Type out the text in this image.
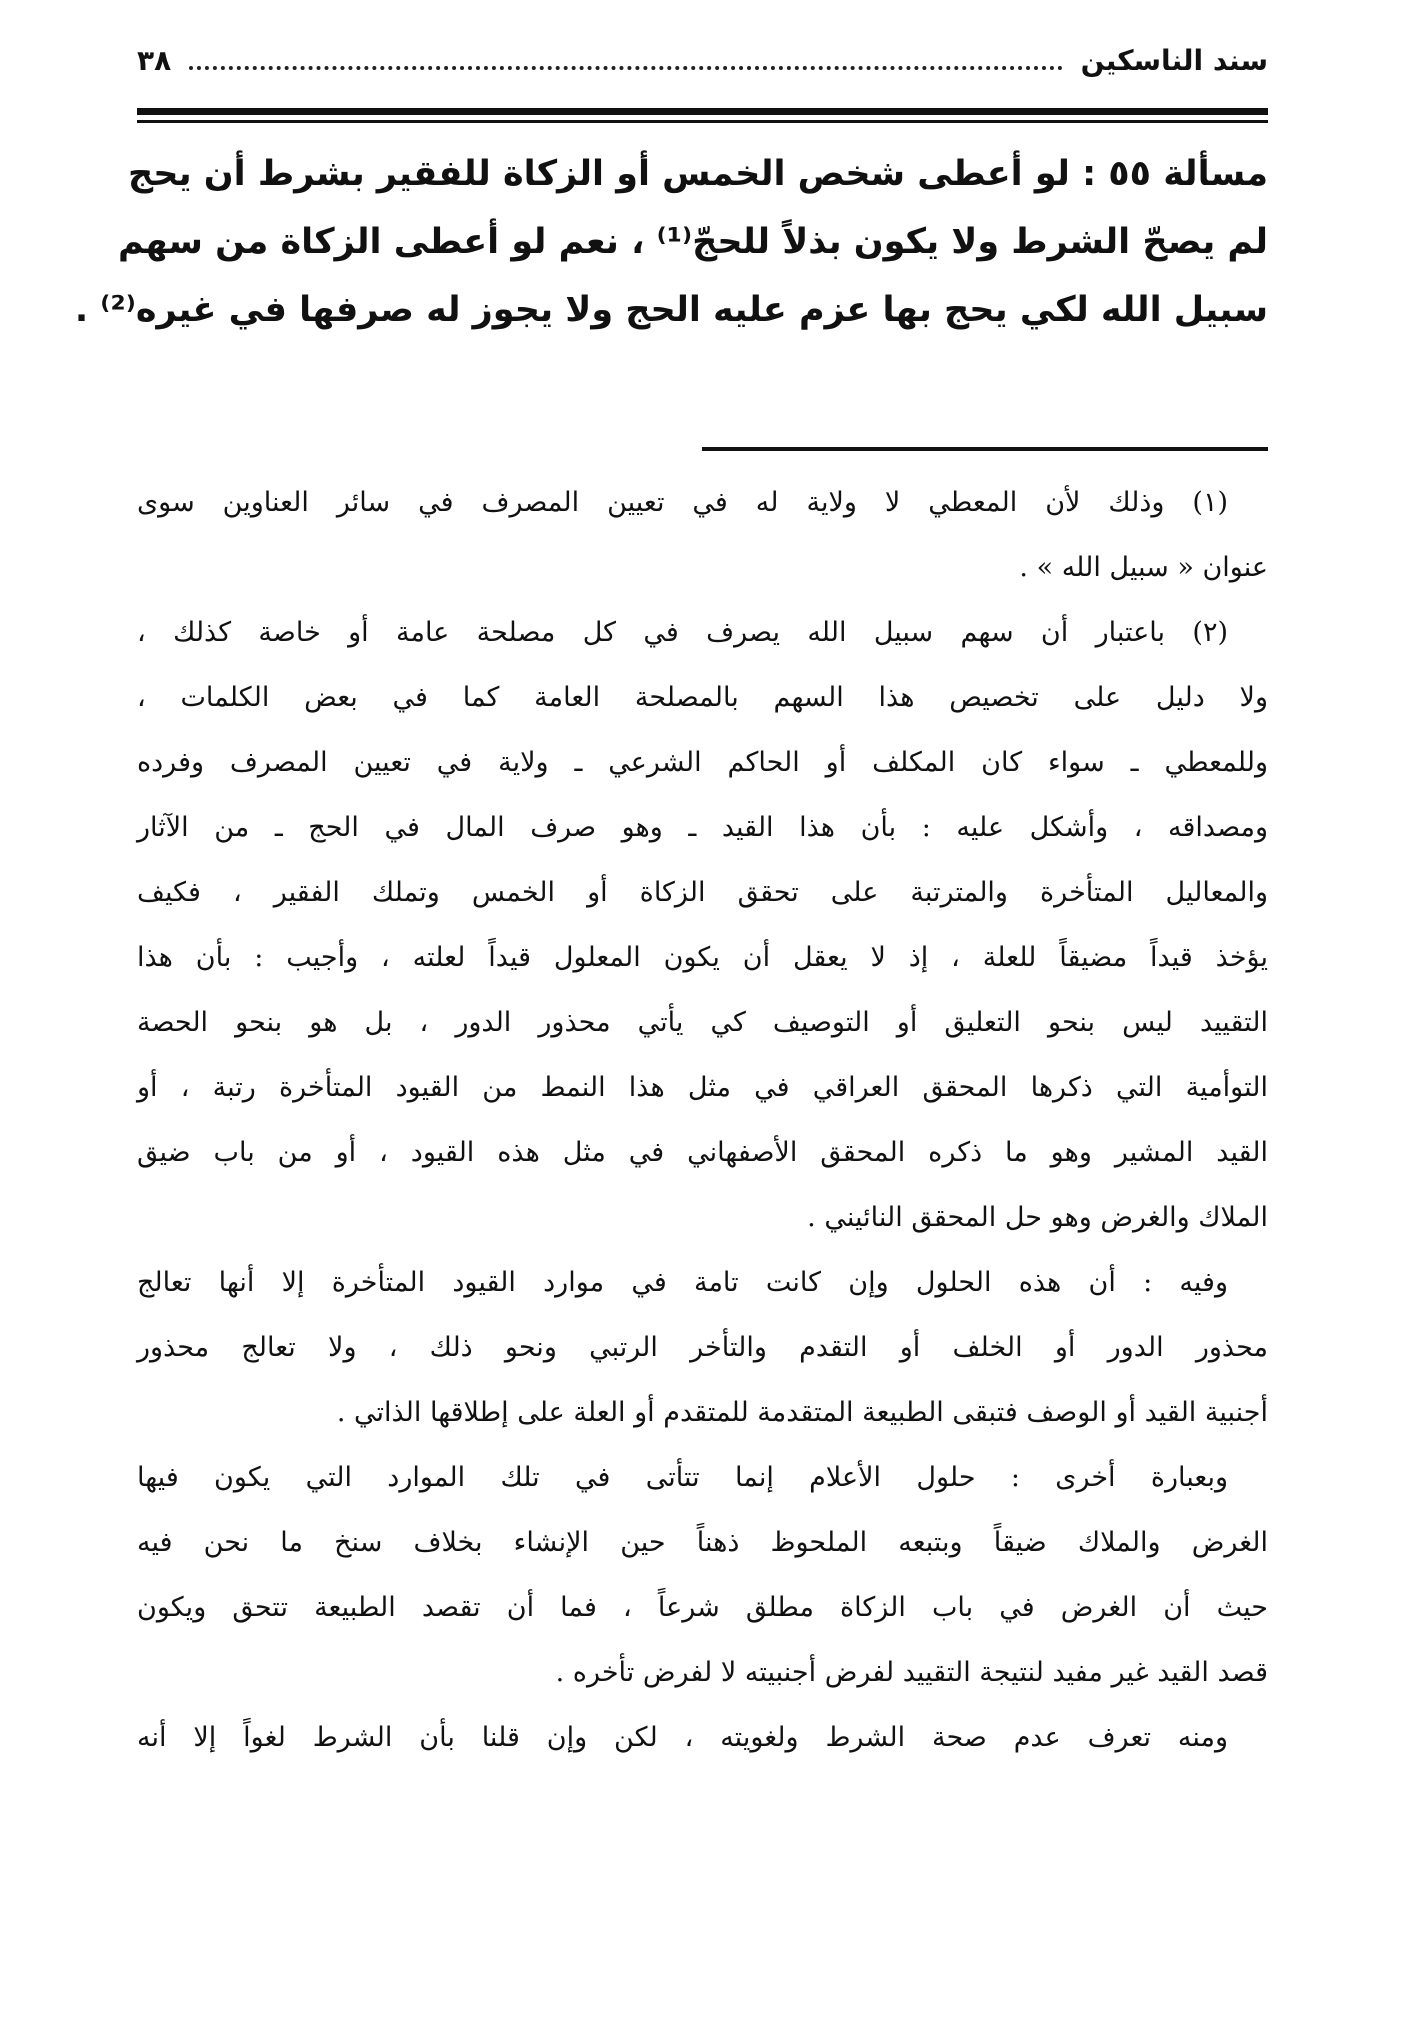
سند الناسكين
٣٨
مسألة ٥٥ : لو أعطى شخص الخمس أو الزكاة للفقير بشرط أن يحج
لم يصحّ الشرط ولا يكون بذلاً للحجّ⁽¹⁾ ، نعم لو أعطى الزكاة من سهم
سبيل الله لكي يحج بها عزم عليه الحج ولا يجوز له صرفها في غيره⁽²⁾ .
(١) وذلك لأن المعطي لا ولاية له في تعيين المصرف في سائر العناوين سوى
عنوان « سبيل الله » .
(٢) باعتبار أن سهم سبيل الله يصرف في كل مصلحة عامة أو خاصة كذلك ،
ولا دليل على تخصيص هذا السهم بالمصلحة العامة كما في بعض الكلمات ،
وللمعطي ـ سواء كان المكلف أو الحاكم الشرعي ـ ولاية في تعيين المصرف وفرده
ومصداقه ، وأشكل عليه : بأن هذا القيد ـ وهو صرف المال في الحج ـ من الآثار
والمعاليل المتأخرة والمترتبة على تحقق الزكاة أو الخمس وتملك الفقير ، فكيف
يؤخذ قيداً مضيقاً للعلة ، إذ لا يعقل أن يكون المعلول قيداً لعلته ، وأجيب : بأن هذا
التقييد ليس بنحو التعليق أو التوصيف كي يأتي محذور الدور ، بل هو بنحو الحصة
التوأمية التي ذكرها المحقق العراقي في مثل هذا النمط من القيود المتأخرة رتبة ، أو
القيد المشير وهو ما ذكره المحقق الأصفهاني في مثل هذه القيود ، أو من باب ضيق
الملاك والغرض وهو حل المحقق النائيني .
وفيه : أن هذه الحلول وإن كانت تامة في موارد القيود المتأخرة إلا أنها تعالج
محذور الدور أو الخلف أو التقدم والتأخر الرتبي ونحو ذلك ، ولا تعالج محذور
أجنبية القيد أو الوصف فتبقى الطبيعة المتقدمة للمتقدم أو العلة على إطلاقها الذاتي .
وبعبارة أخرى : حلول الأعلام إنما تتأتى في تلك الموارد التي يكون فيها
الغرض والملاك ضيقاً وبتبعه الملحوظ ذهناً حين الإنشاء بخلاف سنخ ما نحن فيه
حيث أن الغرض في باب الزكاة مطلق شرعاً ، فما أن تقصد الطبيعة تتحق ويكون
قصد القيد غير مفيد لنتيجة التقييد لفرض أجنبيته لا لفرض تأخره .
ومنه تعرف عدم صحة الشرط ولغويته ، لكن وإن قلنا بأن الشرط لغواً إلا أنه
